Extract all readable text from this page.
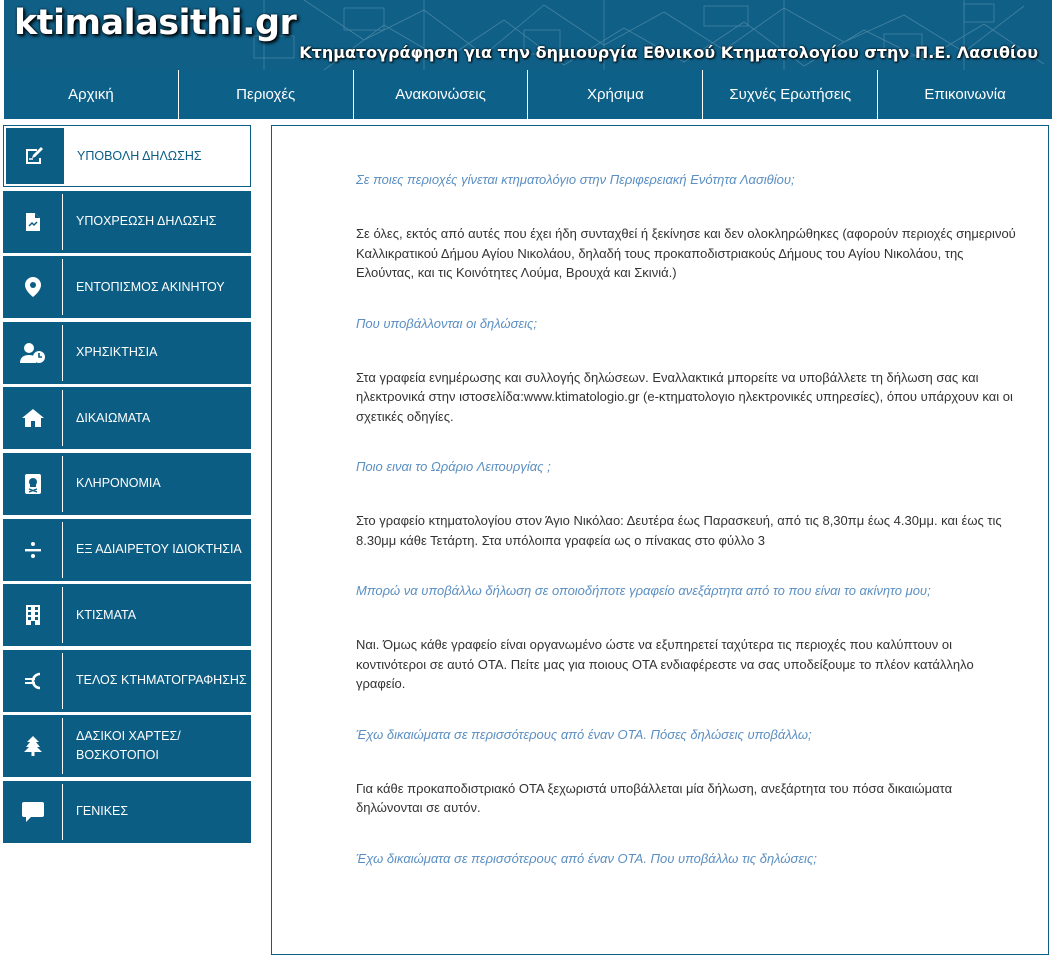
ktimalasithi.gr
Κτηματογράφηση για την δημιουργία Εθνικού Κτηματολογίου στην Π.Ε. Λασιθίου
Αρχική	Περιοχές	Ανακοινώσεις	Χρήσιμα	Συχνές Ερωτήσεις	Επικοινωνία
ΥΠΟΒΟΛΗ ΔΗΛΩΣΗΣ
ΥΠΟΧΡΕΩΣΗ ΔΗΛΩΣΗΣ
ΕΝΤΟΠΙΣΜΟΣ ΑΚΙΝΗΤΟΥ
ΧΡΗΣΙΚΤΗΣΙΑ
ΔΙΚΑΙΩΜΑΤΑ
ΚΛΗΡΟΝΟΜΙΑ
ΕΞ ΑΔΙΑΙΡΕΤΟΥ ΙΔΙΟΚΤΗΣΙΑ
ΚΤΙΣΜΑΤΑ
ΤΕΛΟΣ ΚΤΗΜΑΤΟΓΡΑΦΗΣΗΣ
ΔΑΣΙΚΟΙ ΧΑΡΤΕΣ/ΒΟΣΚΟΤΟΠΟΙ
ΓΕΝΙΚΕΣ

Σε ποιες περιοχές γίνεται κτηματολόγιο στην Περιφερειακή Ενότητα Λασιθίου;

Σε όλες, εκτός από αυτές που έχει ήδη συνταχθεί ή ξεκίνησε και δεν ολοκληρώθηκες (αφορούν περιοχές σημερινού Καλλικρατικού Δήμου Αγίου Νικολάου, δηλαδή τους προκαποδιστριακούς Δήμους του Αγίου Νικολάου, της Ελούντας, και τις Κοινότητες Λούμα, Βρουχά και Σκινιά.)

Που υποβάλλονται οι δηλώσεις;

Στα γραφεία ενημέρωσης και συλλογής δηλώσεων. Εναλλακτικά μπορείτε να υποβάλλετε τη δήλωση σας και ηλεκτρονικά στην ιστοσελίδα:www.ktimatologio.gr (e-κτηματολογιο ηλεκτρονικές υπηρεσίες), όπου υπάρχουν και οι σχετικές οδηγίες.

Ποιο ειναι το Ωράριο Λειτουργίας ;

Στο γραφείο κτηματολογίου στον Άγιο Νικόλαο: Δευτέρα έως Παρασκευή, από τις 8,30πμ έως 4.30μμ. και έως τις 8.30μμ κάθε Τετάρτη. Στα υπόλοιπα γραφεία ως ο πίνακας στο φύλλο 3

Μπορώ να υποβάλλω δήλωση σε οποιοδήποτε γραφείο ανεξάρτητα από το που είναι το ακίνητο μου;

Ναι. Όμως κάθε γραφείο είναι οργανωμένο ώστε να εξυπηρετεί ταχύτερα τις περιοχές που καλύπτουν οι κοντινότεροι σε αυτό ΟΤΑ. Πείτε μας για ποιους ΟΤΑ ενδιαφέρεστε να σας υποδείξουμε το πλέον κατάλληλο γραφείο.

Έχω δικαιώματα σε περισσότερους από έναν ΟΤΑ. Πόσες δηλώσεις υποβάλλω;

Για κάθε προκαποδιστριακό ΟΤΑ ξεχωριστά υποβάλλεται μία δήλωση, ανεξάρτητα του πόσα δικαιώματα δηλώνονται σε αυτόν.

Έχω δικαιώματα σε περισσότερους από έναν ΟΤΑ. Που υποβάλλω τις δηλώσεις;
